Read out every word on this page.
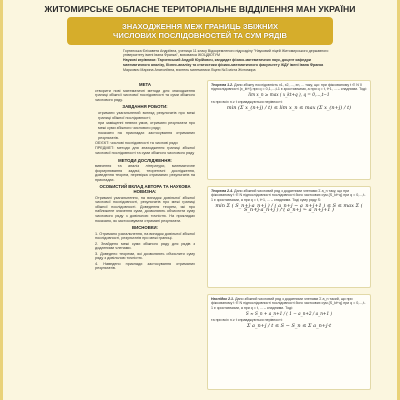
ЖИТОМИРСЬКЕ ОБЛАСНЕ ТЕРИТОРІАЛЬНЕ ВІДДІЛЕННЯ МАН УКРАЇНИ
ЗНАХОДЖЕННЯ МЕЖ ГРАНИЦЬ ЗБІЖНИХ
ЧИСЛОВИХ ПОСЛІДОВНОСТЕЙ ТА СУМ РЯДІВ

Гортинська Єлізавета Андріївна, учениця 11 класу Відокремленого підрозділу "Науковий ліцей Житомирського державного університету імені Івана Франка", вихованка ЖОЦДЮТУМ

Наукові керівники: Тарченський Андрій Юрійович, кандидат фізико-математичних наук, доцент кафедри математичного аналізу, бізнес-аналізу та статистики фізико-математичного факультету ЖДУ імені Івана Франка

Маркович Марина Анатоліївна, вчитель математики Ліцею №3 міста Житомира

МЕТА

створити нові математичні методи для знаходження границі збіжної числової послідовності та суми збіжного числового ряду.

ЗАВДАННЯ РОБОТИ:

отримати узагальнений вигляд результатів про межі границі збіжної послідовності;

при заміщенні певних умов, отримати результати про межі суми збіжного числового ряду;

показати на прикладах застосування отриманих результатів.

ОБ'ЄКТ: числові послідовності та числові ряди

ПРЕДМЕТ: методи для знаходження границі збіжної числової послідовності та суми збіжного числового ряду

МЕТОДИ ДОСЛІДЖЕННЯ:

вивчення та аналіз літератури, математичне формулювання задачі, теоретичні дослідження, доведення теорем, перевірка отриманих результатів на прикладах.

ОСОБИСТИЙ ВКЛАД АВТОРА ТА НАУКОВА НОВИЗНА:

Отримані узагальнення, на випадок довільної збіжної числової послідовності, результатів про межі границі збіжної послідовності. Доведення теорем, які про наближене значення суми, дозволяють обчислити суму числового ряду з довільною точністю. На прикладах показано, як застосовувати отримані результати.

ВИСНОВКИ:

1. Отримано узагальнення, на випадок довільної збіжної послідовності, результатів про межі границі.

2. Знайдено межі суми збіжного ряду для рядів з додатними членами.

3. Доведено теореми, які дозволяють обчислити суму ряду з довільною точністю.

4. Наведено приклади застосування отриманих результатів.

Теорема 1.2. Дано збіжну послідовність x1, x2, ..., xn, ... таку, що: при фіксованому t ∈ N її підпослідовності {x_kt+i} при q = 0,1,...,t-1 є зростаючими, а при q = t, t+1, ... – спадними. Тоді:

lim x_n ≥ max ( x_kt+q ), q = 0,…,t−1

та при всіх n ≥ t справджуються нерівності:

min (Σ x_(n+j) / t) ≤ lim x_n ≤ max (Σ x_(n+j) / t)

Теорема 2.4. Дано збіжний числовий ряд з додатними членами Σ a_n таку, що при фіксованому t ∈ N підпослідовності послідовності його часткових сум {S_kt+q} при q = 0,...,t-1 є зростаючими, а при q = t, t+1, ... – спадними. Тоді суму ряду S:

min Σ ( S_n+j·a_n+j ) / ( a_n+j − a_n+j+1 ) ≤ S ≤ max Σ ( S_n+j·a_n+j ) / ( a_n+j − a_n+j+1 )

Наслідок 2.1. Дано збіжний числовий ряд з додатними членами Σ a_n такий, що при фіксованому t ∈ N підпослідовності послідовності його часткових сум {S_kt+q} при q = 0,...,t-1 є зростаючими, а при q = t, ... – спадними. Тоді:

S ≈ S_n + a_n+1 / ( 1 − a_n+2 / a_n+1 )

та при всіх n ≥ t справджуються нерівності:

Σ a_n+j / t ≤ S − S_n ≤ Σ a_n+j·t
